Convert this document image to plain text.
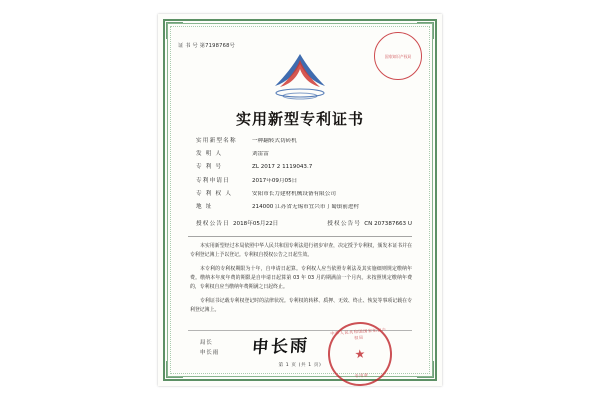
证 书 号 第7198768号
国家知识产权局
实用新型专利证书
实用新型名称	一种翻转式切砖机
发 明 人	刘雷雷
专 利 号	ZL 2017 2 1119043.7
专利申请日	2017年09月05日
专 利 权 人	安阳市长力建材机械设备有限公司
地 址	214000 江苏省无锡市宜兴市丁蜀镇前进村
授权公告日 2018年05月22日	授权公告号 CN 207387663 U

本实用新型经过本局依照中华人民共和国专利法进行初步审查，决定授予专利权，颁发本证书并在专利登记簿上予以登记。专利权自授权公告之日起生效。

本专利的专利权期限为十年，自申请日起算。专利权人应当依照专利法及其实施细则规定缴纳年费。缴纳本年度年费的期限是自申请日起算第 03 年 03 月的期满前一个月内。未按照规定缴纳年费的，专利权自应当缴纳年费期满之日起终止。

专利证书记载专利权登记时的法律状况。专利权的转移、质押、无效、终止、恢复等事项记载在专利登记簿上。

局长
申长雨 申长雨
中华人民共和国国家知识产权局
★
专用章
第 1 页 (共 1 页)
